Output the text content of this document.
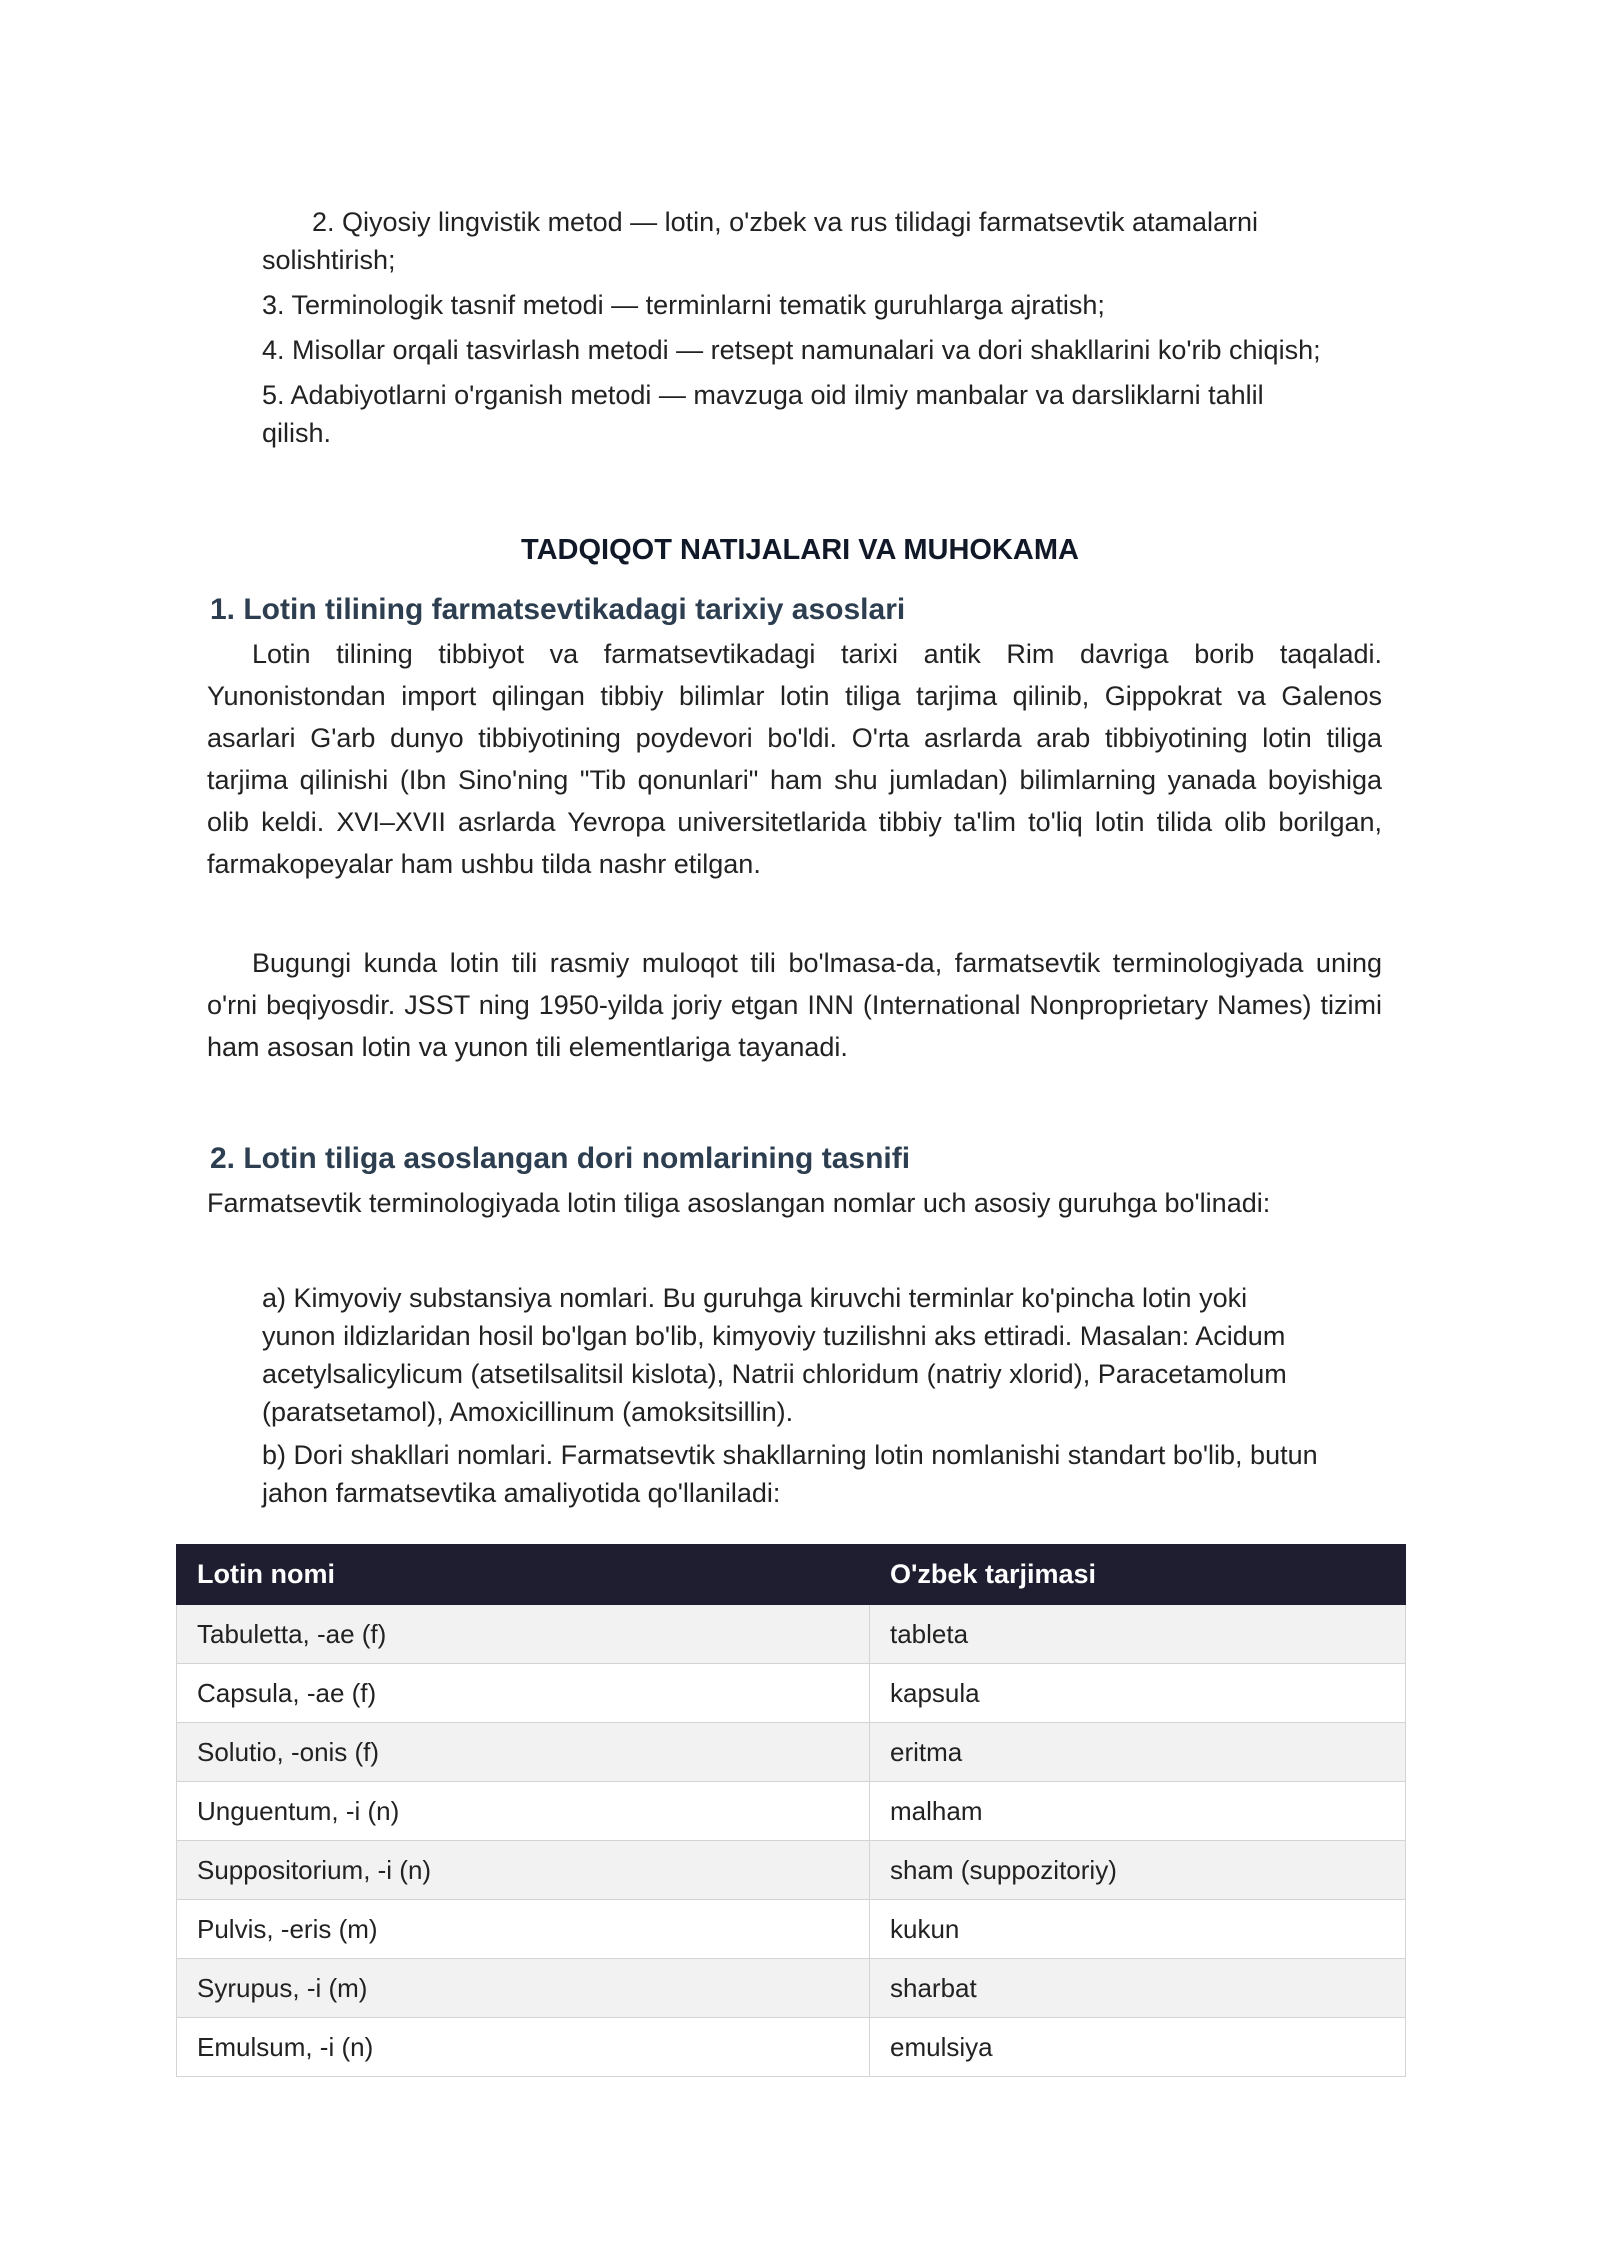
2. Qiyosiy lingvistik metod — lotin, o'zbek va rus tilidagi farmatsevtik atamalarni solishtirish;

3. Terminologik tasnif metodi — terminlarni tematik guruhlarga ajratish;

4. Misollar orqali tasvirlash metodi — retsept namunalari va dori shakllarini ko'rib chiqish;

5. Adabiyotlarni o'rganish metodi — mavzuga oid ilmiy manbalar va darsliklarni tahlil qilish.

TADQIQOT NATIJALARI VA MUHOKAMA
1. Lotin tilining farmatsevtikadagi tarixiy asoslari

Lotin tilining tibbiyot va farmatsevtikadagi tarixi antik Rim davriga borib taqaladi. Yunonistondan import qilingan tibbiy bilimlar lotin tiliga tarjima qilinib, Gippokrat va Galenos asarlari G'arb dunyo tibbiyotining poydevori bo'ldi. O'rta asrlarda arab tibbiyotining lotin tiliga tarjima qilinishi (Ibn Sino'ning "Tib qonunlari" ham shu jumladan) bilimlarning yanada boyishiga olib keldi. XVI–XVII asrlarda Yevropa universitetlarida tibbiy ta'lim to'liq lotin tilida olib borilgan, farmakopeyalar ham ushbu tilda nashr etilgan.

Bugungi kunda lotin tili rasmiy muloqot tili bo'lmasa-da, farmatsevtik terminologiyada uning o'rni beqiyosdir. JSST ning 1950-yilda joriy etgan INN (International Nonproprietary Names) tizimi ham asosan lotin va yunon tili elementlariga tayanadi.

2. Lotin tiliga asoslangan dori nomlarining tasnifi

Farmatsevtik terminologiyada lotin tiliga asoslangan nomlar uch asosiy guruhga bo'linadi:

a) Kimyoviy substansiya nomlari. Bu guruhga kiruvchi terminlar ko'pincha lotin yoki yunon ildizlaridan hosil bo'lgan bo'lib, kimyoviy tuzilishni aks ettiradi. Masalan: Acidum acetylsalicylicum (atsetilsalitsil kislota), Natrii chloridum (natriy xlorid), Paracetamolum (paratsetamol), Amoxicillinum (amoksitsillin).

b) Dori shakllari nomlari. Farmatsevtik shakllarning lotin nomlanishi standart bo'lib, butun jahon farmatsevtika amaliyotida qo'llaniladi:

Lotin nomi	O'zbek tarjimasi
Tabuletta, -ae (f)	tableta
Capsula, -ae (f)	kapsula
Solutio, -onis (f)	eritma
Unguentum, -i (n)	malham
Suppositorium, -i (n)	sham (suppozitoriy)
Pulvis, -eris (m)	kukun
Syrupus, -i (m)	sharbat
Emulsum, -i (n)	emulsiya
